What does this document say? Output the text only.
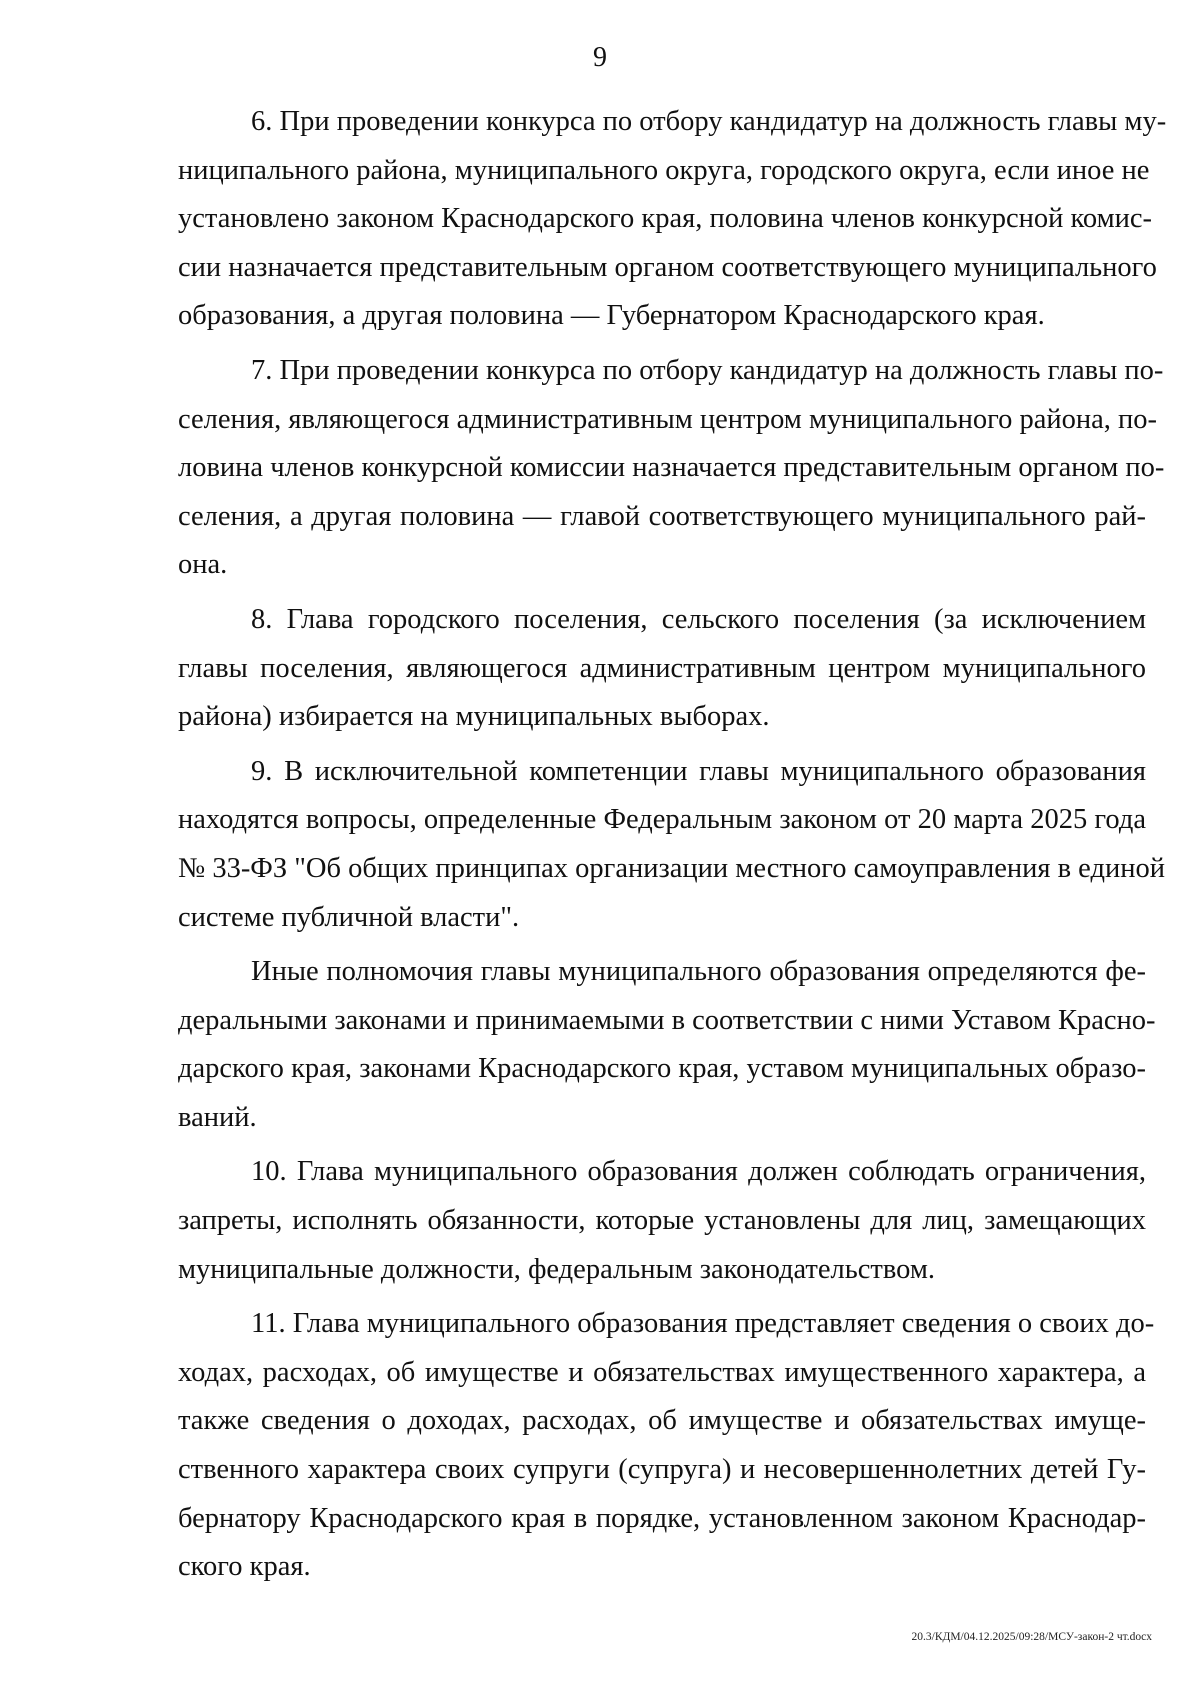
9

6. При проведении конкурса по отбору кандидатур на должность главы му-
ниципального района, муниципального округа, городского округа, если иное не
установлено законом Краснодарского края, половина членов конкурсной комис-
сии назначается представительным органом соответствующего муниципального
образования, а другая половина — Губернатором Краснодарского края.

7. При проведении конкурса по отбору кандидатур на должность главы по-
селения, являющегося административным центром муниципального района, по-
ловина членов конкурсной комиссии назначается представительным органом по-
селения, а другая половина — главой соответствующего муниципального рай-
она.

8. Глава городского поселения, сельского поселения (за исключением
главы поселения, являющегося административным центром муниципального
района) избирается на муниципальных выборах.

9. В исключительной компетенции главы муниципального образования
находятся вопросы, определенные Федеральным законом от 20 марта 2025 года
№ 33-ФЗ "Об общих принципах организации местного самоуправления в единой
системе публичной власти".

Иные полномочия главы муниципального образования определяются фе-
деральными законами и принимаемыми в соответствии с ними Уставом Красно-
дарского края, законами Краснодарского края, уставом муниципальных образо-
ваний.

10. Глава муниципального образования должен соблюдать ограничения,
запреты, исполнять обязанности, которые установлены для лиц, замещающих
муниципальные должности, федеральным законодательством.

11. Глава муниципального образования представляет сведения о своих до-
ходах, расходах, об имуществе и обязательствах имущественного характера, а
также сведения о доходах, расходах, об имуществе и обязательствах имуще-
ственного характера своих супруги (супруга) и несовершеннолетних детей Гу-
бернатору Краснодарского края в порядке, установленном законом Краснодар-
ского края.

20.3/КДМ/04.12.2025/09:28/МСУ-закон-2 чт.docx
